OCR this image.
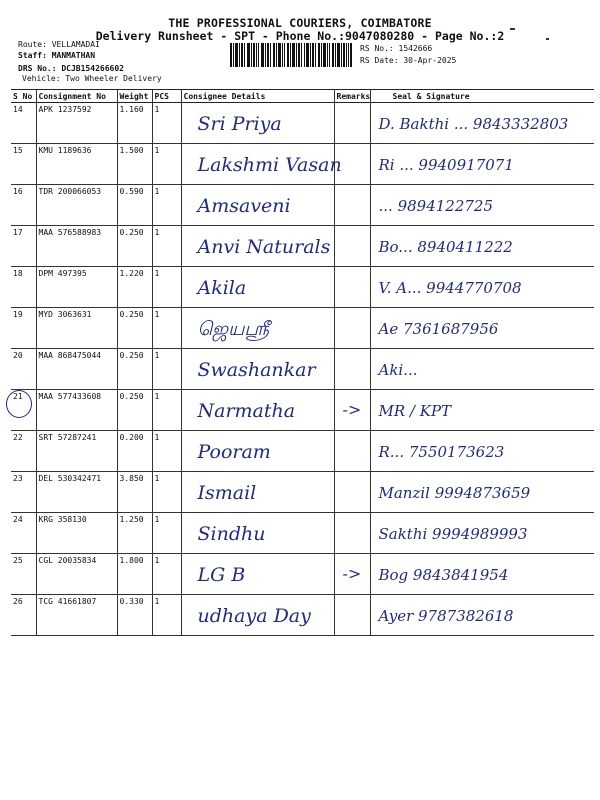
THE PROFESSIONAL COURIERS, COIMBATORE
Delivery Runsheet - SPT - Phone No.:9047080280 - Page No.:2
Route: VELLAMADAI
Staff: MANMATHAN
DRS No.: DCJB154266602
Vehicle: Two Wheeler Delivery
RS No.: 1542666
RS Date: 30-Apr-2025
S No	Consignment No	Weight	PCS	Consignee Details	Remarks	Seal & Signature
14	APK 1237592	1.160	1	Sri Priya		D. Bakthi ... 9843332803

15	KMU 1189636	1.500	1	Lakshmi Vasan		Ri ... 9940917071

16	TDR 200066053	0.590	1	Amsaveni		... 9894122725

17	MAA 576588983	0.250	1	Anvi Naturals		Bo... 8940411222

18	DPM 497395	1.220	1	Akila		V. A... 9944770708

19	MYD 3063631	0.250	1	ஜெயஸ்ரீ		Ae 7361687956

20	MAA 868475044	0.250	1	Swashankar		Aki...

21	MAA 577433608	0.250	1	Narmatha	->	MR / KPT

22	SRT 57287241	0.200	1	Pooram		R... 7550173623

23	DEL 530342471	3.850	1	Ismail		Manzil 9994873659

24	KRG 358130	1.250	1	Sindhu		Sakthi 9994989993

25	CGL 20035834	1.800	1	LG B	->	Bog 9843841954

26	TCG 41661807	0.330	1	udhaya Day		Ayer 9787382618
